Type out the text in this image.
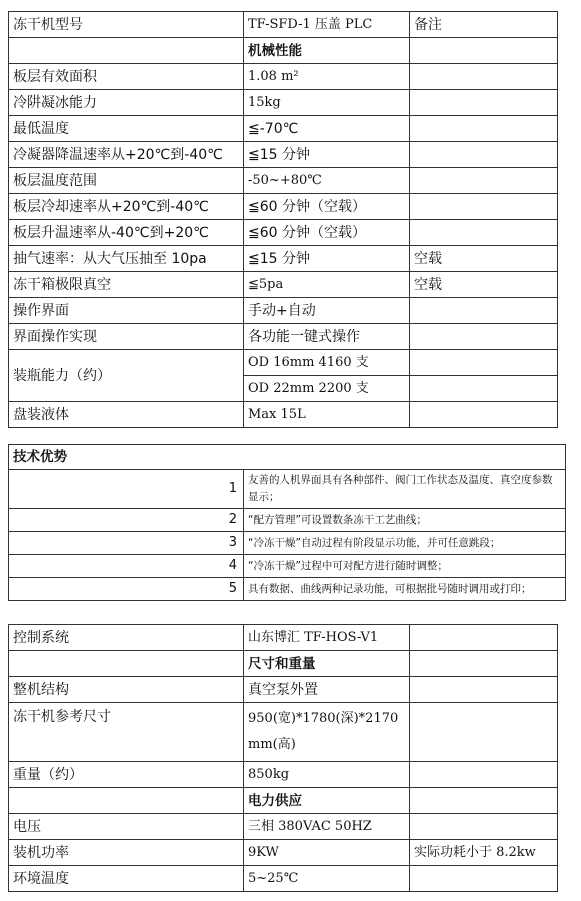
冻干机型号	TF-SFD-1 压盖 PLC	备注
	机械性能	
板层有效面积	1.08 m²	
冷阱凝冰能力	15kg	
最低温度	≦-70℃	
冷凝器降温速率从+20℃到-40℃	≦15 分钟	
板层温度范围	-50~+80℃	
板层冷却速率从+20℃到-40℃	≦60 分钟（空载）	
板层升温速率从-40℃到+20℃	≦60 分钟（空载）	
抽气速率：从大气压抽至 10pa	≦15 分钟	空载
冻干箱极限真空	≦5pa	空载
操作界面	手动+自动	
界面操作实现	各功能一键式操作	
装瓶能力（约）	OD 16mm 4160 支	
	OD 22mm 2200 支	
盘装液体	Max 15L	
技术优势	
1	友善的人机界面具有各种部件、阀门工作状态及温度、真空度参数显示；
2	“配方管理”可设置数条冻干工艺曲线；
3	“冷冻干燥”自动过程有阶段显示功能，并可任意跳段；
4	“冷冻干燥”过程中可对配方进行随时调整；
5	具有数据、曲线两种记录功能，可根据批号随时调用或打印；
控制系统	山东博汇 TF-HOS-V1	
	尺寸和重量	
整机结构	真空泵外置	
冻干机参考尺寸	950(宽)*1780(深)*2170mm(高)	
重量（约）	850kg	
	电力供应	
电压	三相 380VAC 50HZ	
装机功率	9KW	实际功耗小于 8.2kw
环境温度	5~25℃	
